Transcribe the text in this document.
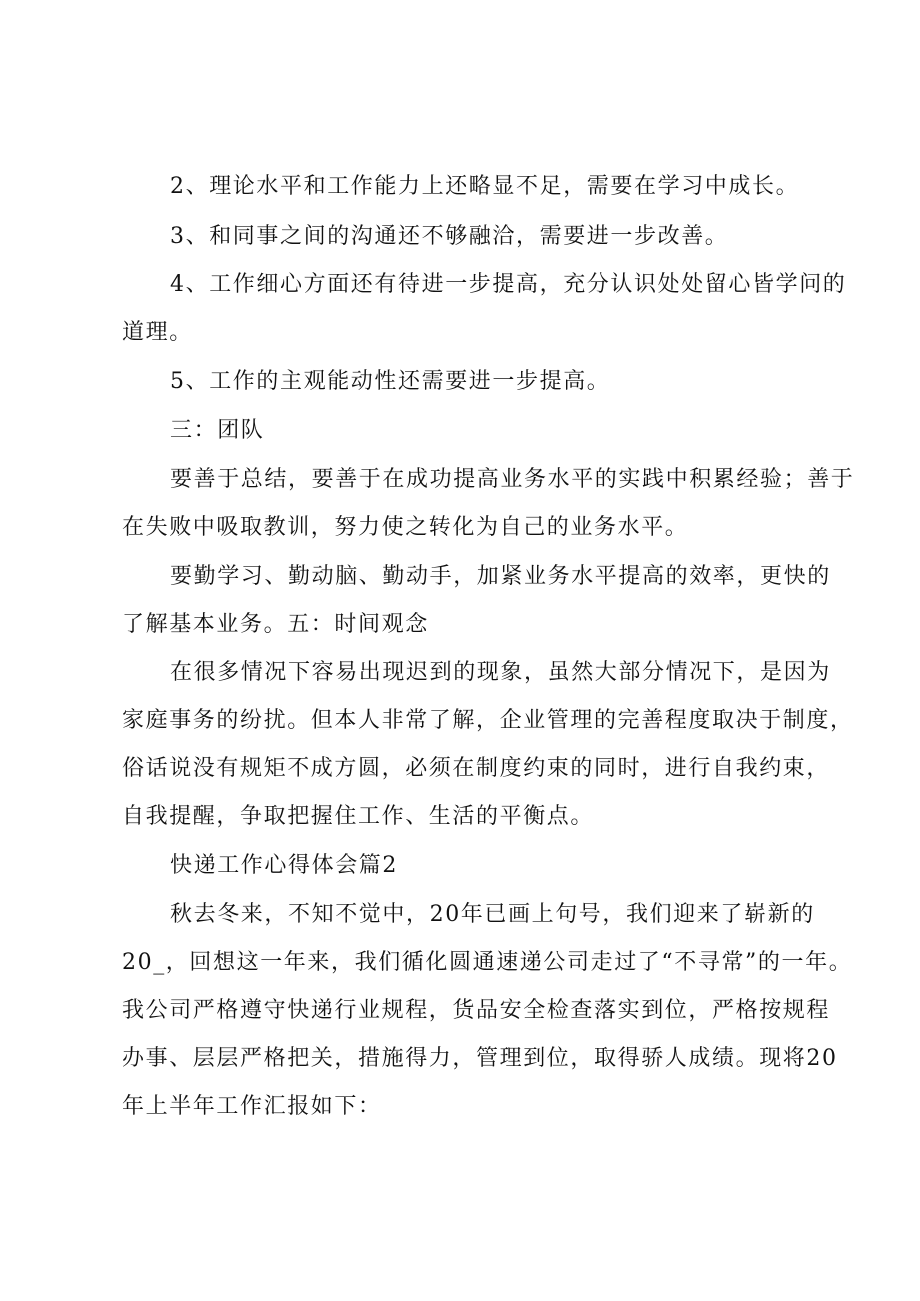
2、理论水平和工作能力上还略显不足，需要在学习中成长。
3、和同事之间的沟通还不够融洽，需要进一步改善。
4、工作细心方面还有待进一步提高，充分认识处处留心皆学问的
道理。
5、工作的主观能动性还需要进一步提高。
三：团队
要善于总结，要善于在成功提高业务水平的实践中积累经验；善于
在失败中吸取教训，努力使之转化为自己的业务水平。
要勤学习、勤动脑、勤动手，加紧业务水平提高的效率，更快的
了解基本业务。五：时间观念
在很多情况下容易出现迟到的现象，虽然大部分情况下，是因为
家庭事务的纷扰。但本人非常了解，企业管理的完善程度取决于制度，
俗话说没有规矩不成方圆，必须在制度约束的同时，进行自我约束，
自我提醒，争取把握住工作、生活的平衡点。
快递工作心得体会篇2
秋去冬来，不知不觉中，20年已画上句号，我们迎来了崭新的
20_，回想这一年来，我们循化圆通速递公司走过了“不寻常”的一年。
我公司严格遵守快递行业规程，货品安全检查落实到位，严格按规程
办事、层层严格把关，措施得力，管理到位，取得骄人成绩。现将20
年上半年工作汇报如下：
